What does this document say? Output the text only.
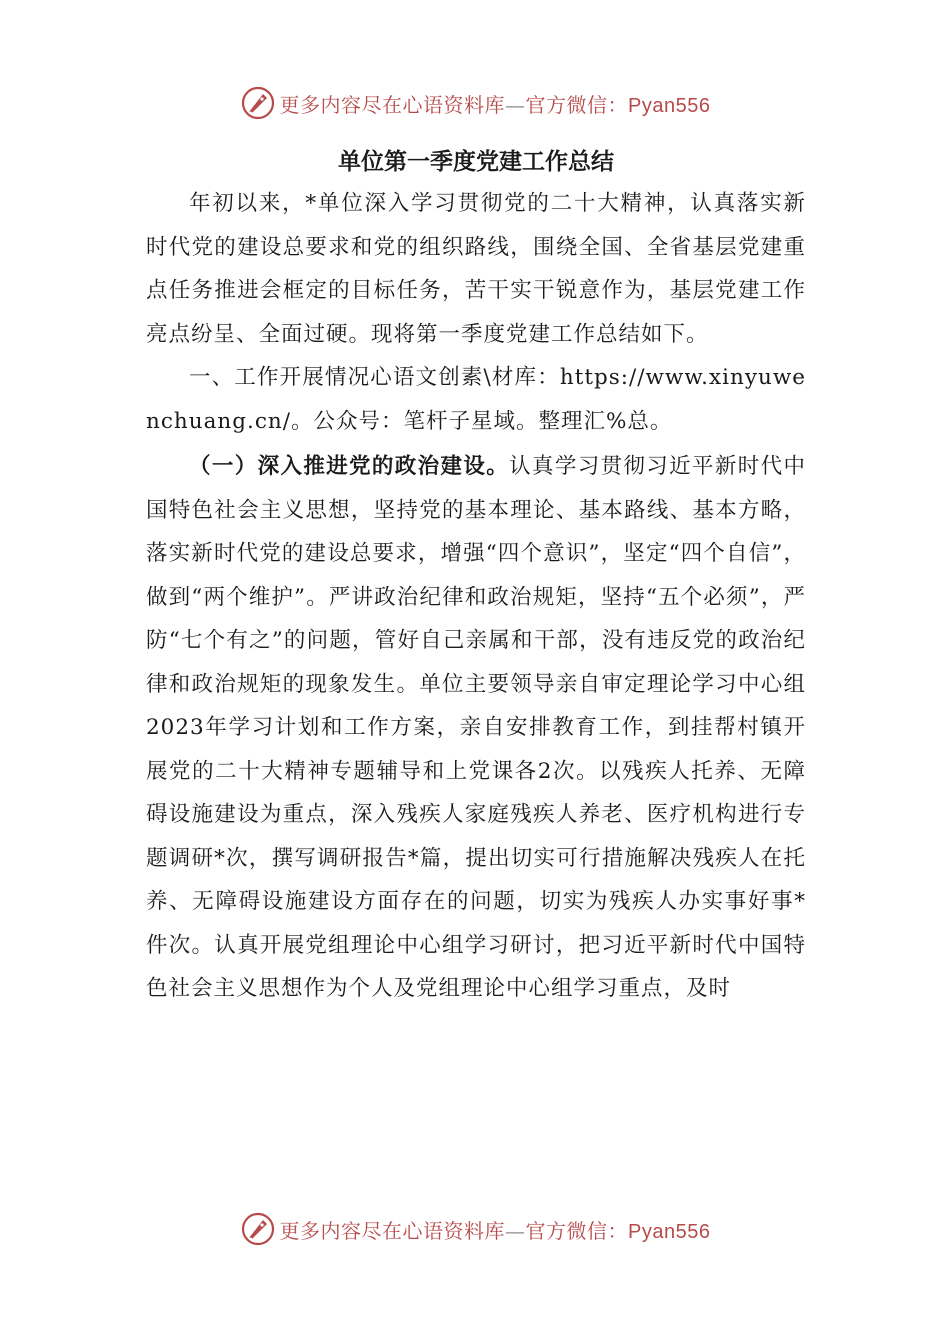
更多内容尽在心语资料库—官方微信：Pyan556
单位第一季度党建工作总结

年初以来，*单位深入学习贯彻党的二十大精神，认真落实新时代党的建设总要求和党的组织路线，围绕全国、全省基层党建重点任务推进会框定的目标任务，苦干实干锐意作为，基层党建工作亮点纷呈、全面过硬。现将第一季度党建工作总结如下。

一、工作开展情况心语文创素\材库：https://www.xinyuwenchuang.cn/。公众号：笔杆子星域。整理汇%总。

（一）深入推进党的政治建设。认真学习贯彻习近平新时代中国特色社会主义思想，坚持党的基本理论、基本路线、基本方略，落实新时代党的建设总要求，增强“四个意识”，坚定“四个自信”，做到“两个维护”。严讲政治纪律和政治规矩，坚持“五个必须”，严防“七个有之”的问题，管好自己亲属和干部，没有违反党的政治纪律和政治规矩的现象发生。单位主要领导亲自审定理论学习中心组2023年学习计划和工作方案，亲自安排教育工作，到挂帮村镇开展党的二十大精神专题辅导和上党课各2次。以残疾人托养、无障碍设施建设为重点，深入残疾人家庭残疾人养老、医疗机构进行专题调研*次，撰写调研报告*篇，提出切实可行措施解决残疾人在托养、无障碍设施建设方面存在的问题，切实为残疾人办实事好事*件次。认真开展党组理论中心组学习研讨，把习近平新时代中国特色社会主义思想作为个人及党组理论中心组学习重点，及时

更多内容尽在心语资料库—官方微信：Pyan556
